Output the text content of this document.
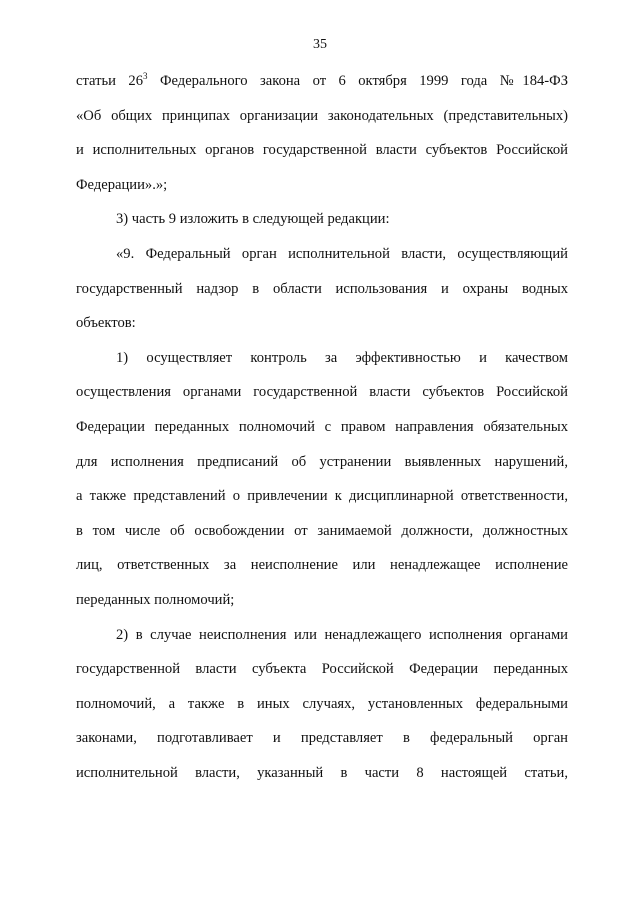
35
статьи $26^3$ Федерального закона от 6 октября 1999 года №184-ФЗ
«Об общих принципах организации законодательных (представительных)
и исполнительных органов государственной власти субъектов Российской
Федерации».»;
3) часть 9 изложить в следующей редакции:
«9. Федеральный орган исполнительной власти, осуществляющий
государственный надзор в области использования и охраны водных
объектов:
1) осуществляет контроль за эффективностью и качеством
осуществления органами государственной власти субъектов Российской
Федерации переданных полномочий с правом направления обязательных
для исполнения предписаний об устранении выявленных нарушений,
а также представлений о привлечении к дисциплинарной ответственности,
в том числе об освобождении от занимаемой должности, должностных
лиц, ответственных за неисполнение или ненадлежащее исполнение
переданных полномочий;
2) в случае неисполнения или ненадлежащего исполнения органами
государственной власти субъекта Российской Федерации переданных
полномочий, а также в иных случаях, установленных федеральными
законами, подготавливает и представляет в федеральный орган
исполнительной власти, указанный в части 8 настоящей статьи,
